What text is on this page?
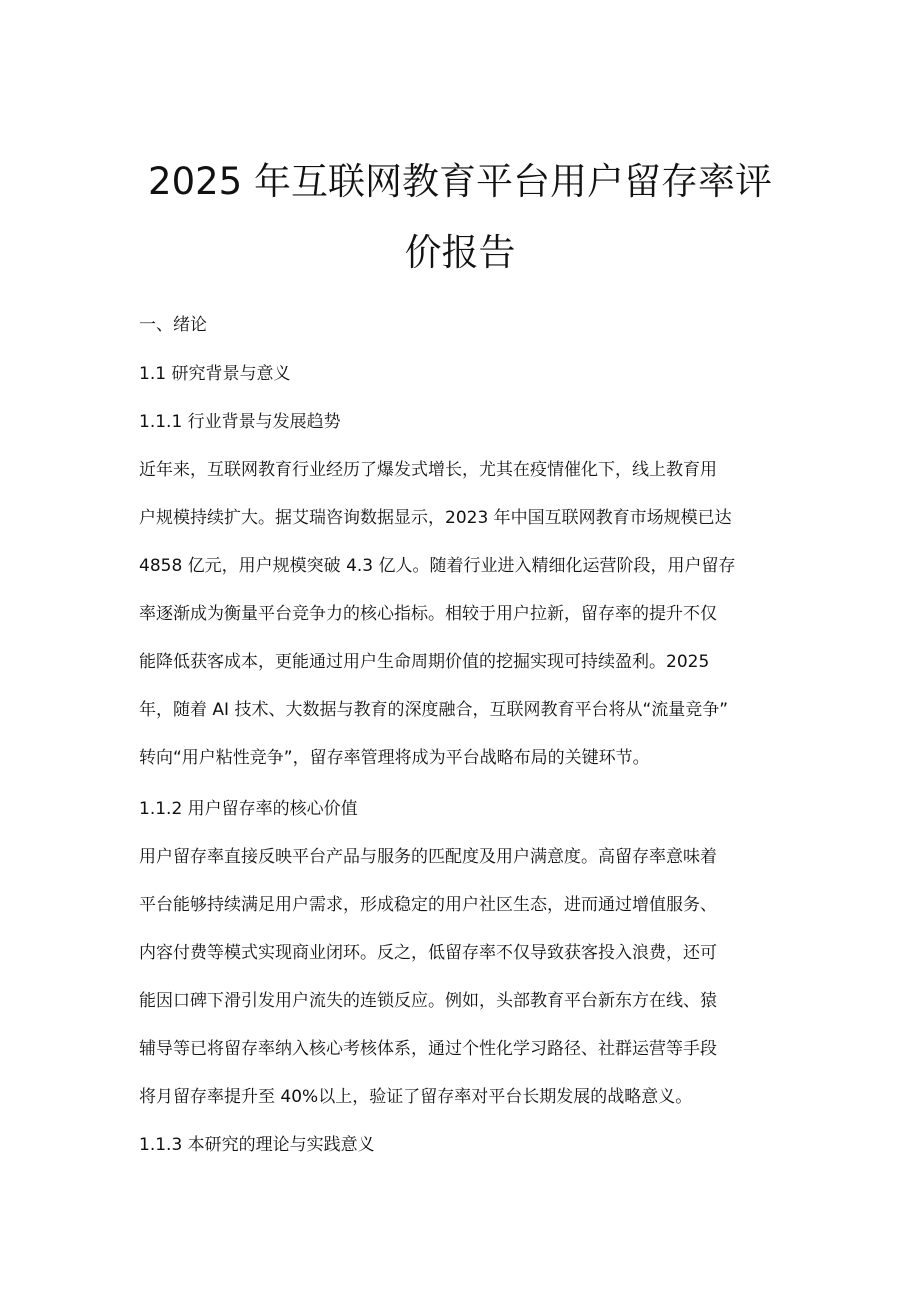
2025 年互联网教育平台用户留存率评
价报告

一、绪论

1.1 研究背景与意义

1.1.1 行业背景与发展趋势

近年来，互联网教育行业经历了爆发式增长，尤其在疫情催化下，线上教育用
户规模持续扩大。据艾瑞咨询数据显示，2023 年中国互联网教育市场规模已达
4858 亿元，用户规模突破 4.3 亿人。随着行业进入精细化运营阶段，用户留存
率逐渐成为衡量平台竞争力的核心指标。相较于用户拉新，留存率的提升不仅
能降低获客成本，更能通过用户生命周期价值的挖掘实现可持续盈利。2025
年，随着 AI 技术、大数据与教育的深度融合，互联网教育平台将从“流量竞争”
转向“用户粘性竞争”，留存率管理将成为平台战略布局的关键环节。

1.1.2 用户留存率的核心价值

用户留存率直接反映平台产品与服务的匹配度及用户满意度。高留存率意味着
平台能够持续满足用户需求，形成稳定的用户社区生态，进而通过增值服务、
内容付费等模式实现商业闭环。反之，低留存率不仅导致获客投入浪费，还可
能因口碑下滑引发用户流失的连锁反应。例如，头部教育平台新东方在线、猿
辅导等已将留存率纳入核心考核体系，通过个性化学习路径、社群运营等手段
将月留存率提升至 40%以上，验证了留存率对平台长期发展的战略意义。

1.1.3 本研究的理论与实践意义
